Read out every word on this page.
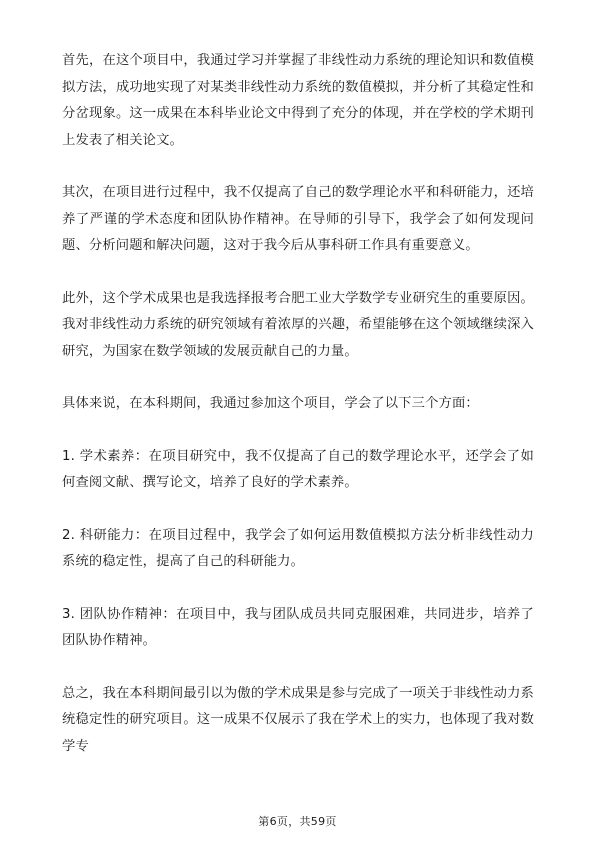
首先，在这个项目中，我通过学习并掌握了非线性动力系统的理论知识和数值模拟方法，成功地实现了对某类非线性动力系统的数值模拟，并分析了其稳定性和分岔现象。这一成果在本科毕业论文中得到了充分的体现，并在学校的学术期刊上发表了相关论文。

其次，在项目进行过程中，我不仅提高了自己的数学理论水平和科研能力，还培养了严谨的学术态度和团队协作精神。在导师的引导下，我学会了如何发现问题、分析问题和解决问题，这对于我今后从事科研工作具有重要意义。

此外，这个学术成果也是我选择报考合肥工业大学数学专业研究生的重要原因。我对非线性动力系统的研究领域有着浓厚的兴趣，希望能够在这个领域继续深入研究，为国家在数学领域的发展贡献自己的力量。

具体来说，在本科期间，我通过参加这个项目，学会了以下三个方面：

1. 学术素养：在项目研究中，我不仅提高了自己的数学理论水平，还学会了如何查阅文献、撰写论文，培养了良好的学术素养。

2. 科研能力：在项目过程中，我学会了如何运用数值模拟方法分析非线性动力系统的稳定性，提高了自己的科研能力。

3. 团队协作精神：在项目中，我与团队成员共同克服困难，共同进步，培养了团队协作精神。

总之，我在本科期间最引以为傲的学术成果是参与完成了一项关于非线性动力系统稳定性的研究项目。这一成果不仅展示了我在学术上的实力，也体现了我对数学专

第6页，共59页
